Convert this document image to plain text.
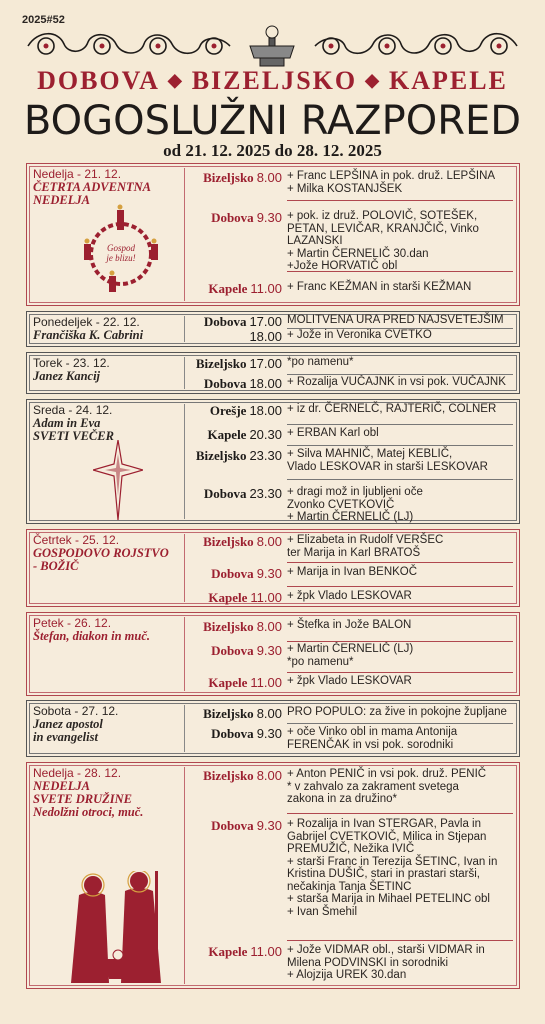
2025#52
DOBOVA ◆ BIZELJSKO ◆ KAPELE
BOGOSLUŽNI RAZPORED
od 21. 12. 2025 do 28. 12. 2025
Nedelja - 21. 12.
ČETRTA ADVENTNA
NEDELJA
Bizeljsko 8.00 + Franc LEPŠINA in pok. druž. LEPŠINA
+ Milka KOSTANJŠEK
Dobova 9.30 + pok. iz druž. POLOVIČ, SOTEŠEK,
PETAN, LEVIČAR, KRANJČIČ, Vinko
LAZANSKI
+ Martin ČERNELIČ 30.dan
+Jože HORVATIČ obl
Kapele 11.00 + Franc KEŽMAN in starši KEŽMAN
Gospod
je blizu!
Ponedeljek - 22. 12.
Frančiška K. Cabrini
Dobova 17.00 MOLITVENA URA PRED NAJSVETEJŠIM
18.00 + Jože in Veronika CVETKO
Torek - 23. 12.
Janez Kancij
Bizeljsko 17.00 *po namenu*
Dobova 18.00 + Rozalija VUČAJNK in vsi pok. VUČAJNK
Sreda - 24. 12.
Adam in Eva
SVETI VEČER
Orešje 18.00 + iz dr. ČERNELČ, RAJTERIČ, COLNER
Kapele 20.30 + ERBAN Karl obl
Bizeljsko 23.30 + Silva MAHNIČ, Matej KEBLIČ,
Vlado LESKOVAR in starši LESKOVAR
Dobova 23.30 + dragi mož in ljubljeni oče
Zvonko CVETKOVIČ
+ Martin ČERNELIČ (LJ)
Četrtek - 25. 12.
GOSPODOVO ROJSTVO
- BOŽIČ
Bizeljsko 8.00 + Elizabeta in Rudolf VERŠEC
ter Marija in Karl BRATOŠ
Dobova 9.30 + Marija in Ivan BENKOČ
Kapele 11.00 + žpk Vlado LESKOVAR
Petek - 26. 12.
Štefan, diakon in muč.
Bizeljsko 8.00 + Štefka in Jože BALON
Dobova 9.30 + Martin ČERNELIČ (LJ)
*po namenu*
Kapele 11.00 + žpk Vlado LESKOVAR
Sobota - 27. 12.
Janez apostol
in evangelist
Bizeljsko 8.00 PRO POPULO: za žive in pokojne župljane
Dobova 9.30 + oče Vinko obl in mama Antonija
FERENČAK in vsi pok. sorodniki
Nedelja - 28. 12.
NEDELJA
SVETE DRUŽINE
Nedolžni otroci, muč.
Bizeljsko 8.00 + Anton PENIČ in vsi pok. druž. PENIČ
* v zahvalo za zakrament svetega
zakona in za družino*
Dobova 9.30 + Rozalija in Ivan STERGAR, Pavla in
Gabrijel CVETKOVIČ, Milica in Stjepan
PREMUŽIČ, Nežika IVIČ
+ starši Franc in Terezija ŠETINC, Ivan in
Kristina DUŠIČ, stari in prastari starši,
nečakinja Tanja ŠETINC
+ starša Marija in Mihael PETELINC obl
+ Ivan Šmehil
Kapele 11.00 + Jože VIDMAR obl., starši VIDMAR in
Milena PODVINSKI in sorodniki
+ Alojzija UREK 30.dan
